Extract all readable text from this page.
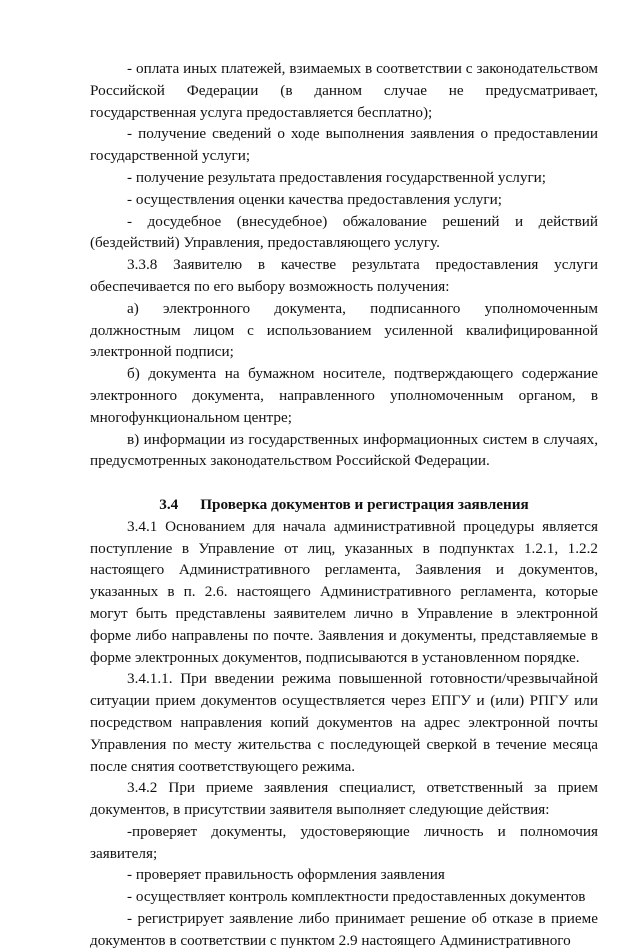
- оплата иных платежей, взимаемых в соответствии с законодательством Российской Федерации (в данном случае не предусматривает, государственная услуга предоставляется бесплатно);

- получение сведений о ходе выполнения заявления о предоставлении государственной услуги;

- получение результата предоставления государственной услуги;

- осуществления оценки качества предоставления услуги;

- досудебное (внесудебное) обжалование решений и действий (бездействий) Управления, предоставляющего услугу.

3.3.8 Заявителю в качестве результата предоставления услуги обеспечивается по его выбору возможность получения:

а) электронного документа, подписанного уполномоченным должностным лицом с использованием усиленной квалифицированной электронной подписи;

б) документа на бумажном носителе, подтверждающего содержание электронного документа, направленного уполномоченным органом, в многофункциональном центре;

в) информации из государственных информационных систем в случаях, предусмотренных законодательством Российской Федерации.

3.4 Проверка документов и регистрация заявления

3.4.1 Основанием для начала административной процедуры является поступление в Управление от лиц, указанных в подпунктах 1.2.1, 1.2.2 настоящего Административного регламента, Заявления и документов, указанных в п. 2.6. настоящего Административного регламента, которые могут быть представлены заявителем лично в Управление в электронной форме либо направлены по почте. Заявления и документы, представляемые в форме электронных документов, подписываются в установленном порядке.

3.4.1.1. При введении режима повышенной готовности/чрезвычайной ситуации прием документов осуществляется через ЕПГУ и (или) РПГУ или посредством направления копий документов на адрес электронной почты Управления по месту жительства с последующей сверкой в течение месяца после снятия соответствующего режима.

3.4.2 При приеме заявления специалист, ответственный за прием документов, в присутствии заявителя выполняет следующие действия:

-проверяет документы, удостоверяющие личность и полномочия заявителя;

- проверяет правильность оформления заявления

- осуществляет контроль комплектности предоставленных документов

- регистрирует заявление либо принимает решение об отказе в приеме документов в соответствии с пунктом 2.9 настоящего Административного
